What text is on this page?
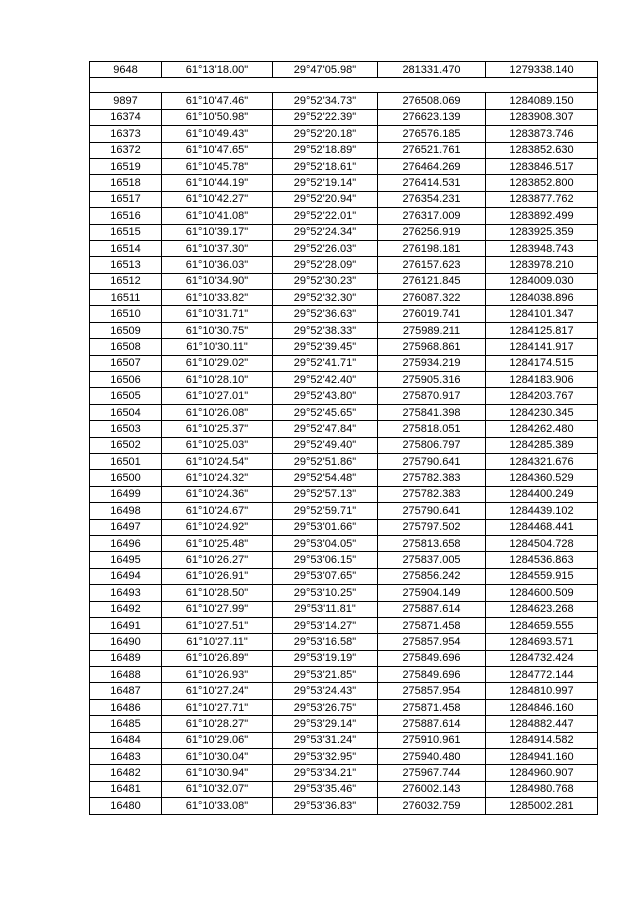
9648	61°13'18.00"	29°47'05.98"	281331.470	1279338.140

9897	61°10'47.46"	29°52'34.73"	276508.069	1284089.150
16374	61°10'50.98"	29°52'22.39"	276623.139	1283908.307
16373	61°10'49.43"	29°52'20.18"	276576.185	1283873.746
16372	61°10'47.65"	29°52'18.89"	276521.761	1283852.630
16519	61°10'45.78"	29°52'18.61"	276464.269	1283846.517
16518	61°10'44.19"	29°52'19.14"	276414.531	1283852.800
16517	61°10'42.27"	29°52'20.94"	276354.231	1283877.762
16516	61°10'41.08"	29°52'22.01"	276317.009	1283892.499
16515	61°10'39.17"	29°52'24.34"	276256.919	1283925.359
16514	61°10'37.30"	29°52'26.03"	276198.181	1283948.743
16513	61°10'36.03"	29°52'28.09"	276157.623	1283978.210
16512	61°10'34.90"	29°52'30.23"	276121.845	1284009.030
16511	61°10'33.82"	29°52'32.30"	276087.322	1284038.896
16510	61°10'31.71"	29°52'36.63"	276019.741	1284101.347
16509	61°10'30.75"	29°52'38.33"	275989.211	1284125.817
16508	61°10'30.11"	29°52'39.45"	275968.861	1284141.917
16507	61°10'29.02"	29°52'41.71"	275934.219	1284174.515
16506	61°10'28.10"	29°52'42.40"	275905.316	1284183.906
16505	61°10'27.01"	29°52'43.80"	275870.917	1284203.767
16504	61°10'26.08"	29°52'45.65"	275841.398	1284230.345
16503	61°10'25.37"	29°52'47.84"	275818.051	1284262.480
16502	61°10'25.03"	29°52'49.40"	275806.797	1284285.389
16501	61°10'24.54"	29°52'51.86"	275790.641	1284321.676
16500	61°10'24.32"	29°52'54.48"	275782.383	1284360.529
16499	61°10'24.36"	29°52'57.13"	275782.383	1284400.249
16498	61°10'24.67"	29°52'59.71"	275790.641	1284439.102
16497	61°10'24.92"	29°53'01.66"	275797.502	1284468.441
16496	61°10'25.48"	29°53'04.05"	275813.658	1284504.728
16495	61°10'26.27"	29°53'06.15"	275837.005	1284536.863
16494	61°10'26.91"	29°53'07.65"	275856.242	1284559.915
16493	61°10'28.50"	29°53'10.25"	275904.149	1284600.509
16492	61°10'27.99"	29°53'11.81"	275887.614	1284623.268
16491	61°10'27.51"	29°53'14.27"	275871.458	1284659.555
16490	61°10'27.11"	29°53'16.58"	275857.954	1284693.571
16489	61°10'26.89"	29°53'19.19"	275849.696	1284732.424
16488	61°10'26.93"	29°53'21.85"	275849.696	1284772.144
16487	61°10'27.24"	29°53'24.43"	275857.954	1284810.997
16486	61°10'27.71"	29°53'26.75"	275871.458	1284846.160
16485	61°10'28.27"	29°53'29.14"	275887.614	1284882.447
16484	61°10'29.06"	29°53'31.24"	275910.961	1284914.582
16483	61°10'30.04"	29°53'32.95"	275940.480	1284941.160
16482	61°10'30.94"	29°53'34.21"	275967.744	1284960.907
16481	61°10'32.07"	29°53'35.46"	276002.143	1284980.768
16480	61°10'33.08"	29°53'36.83"	276032.759	1285002.281
